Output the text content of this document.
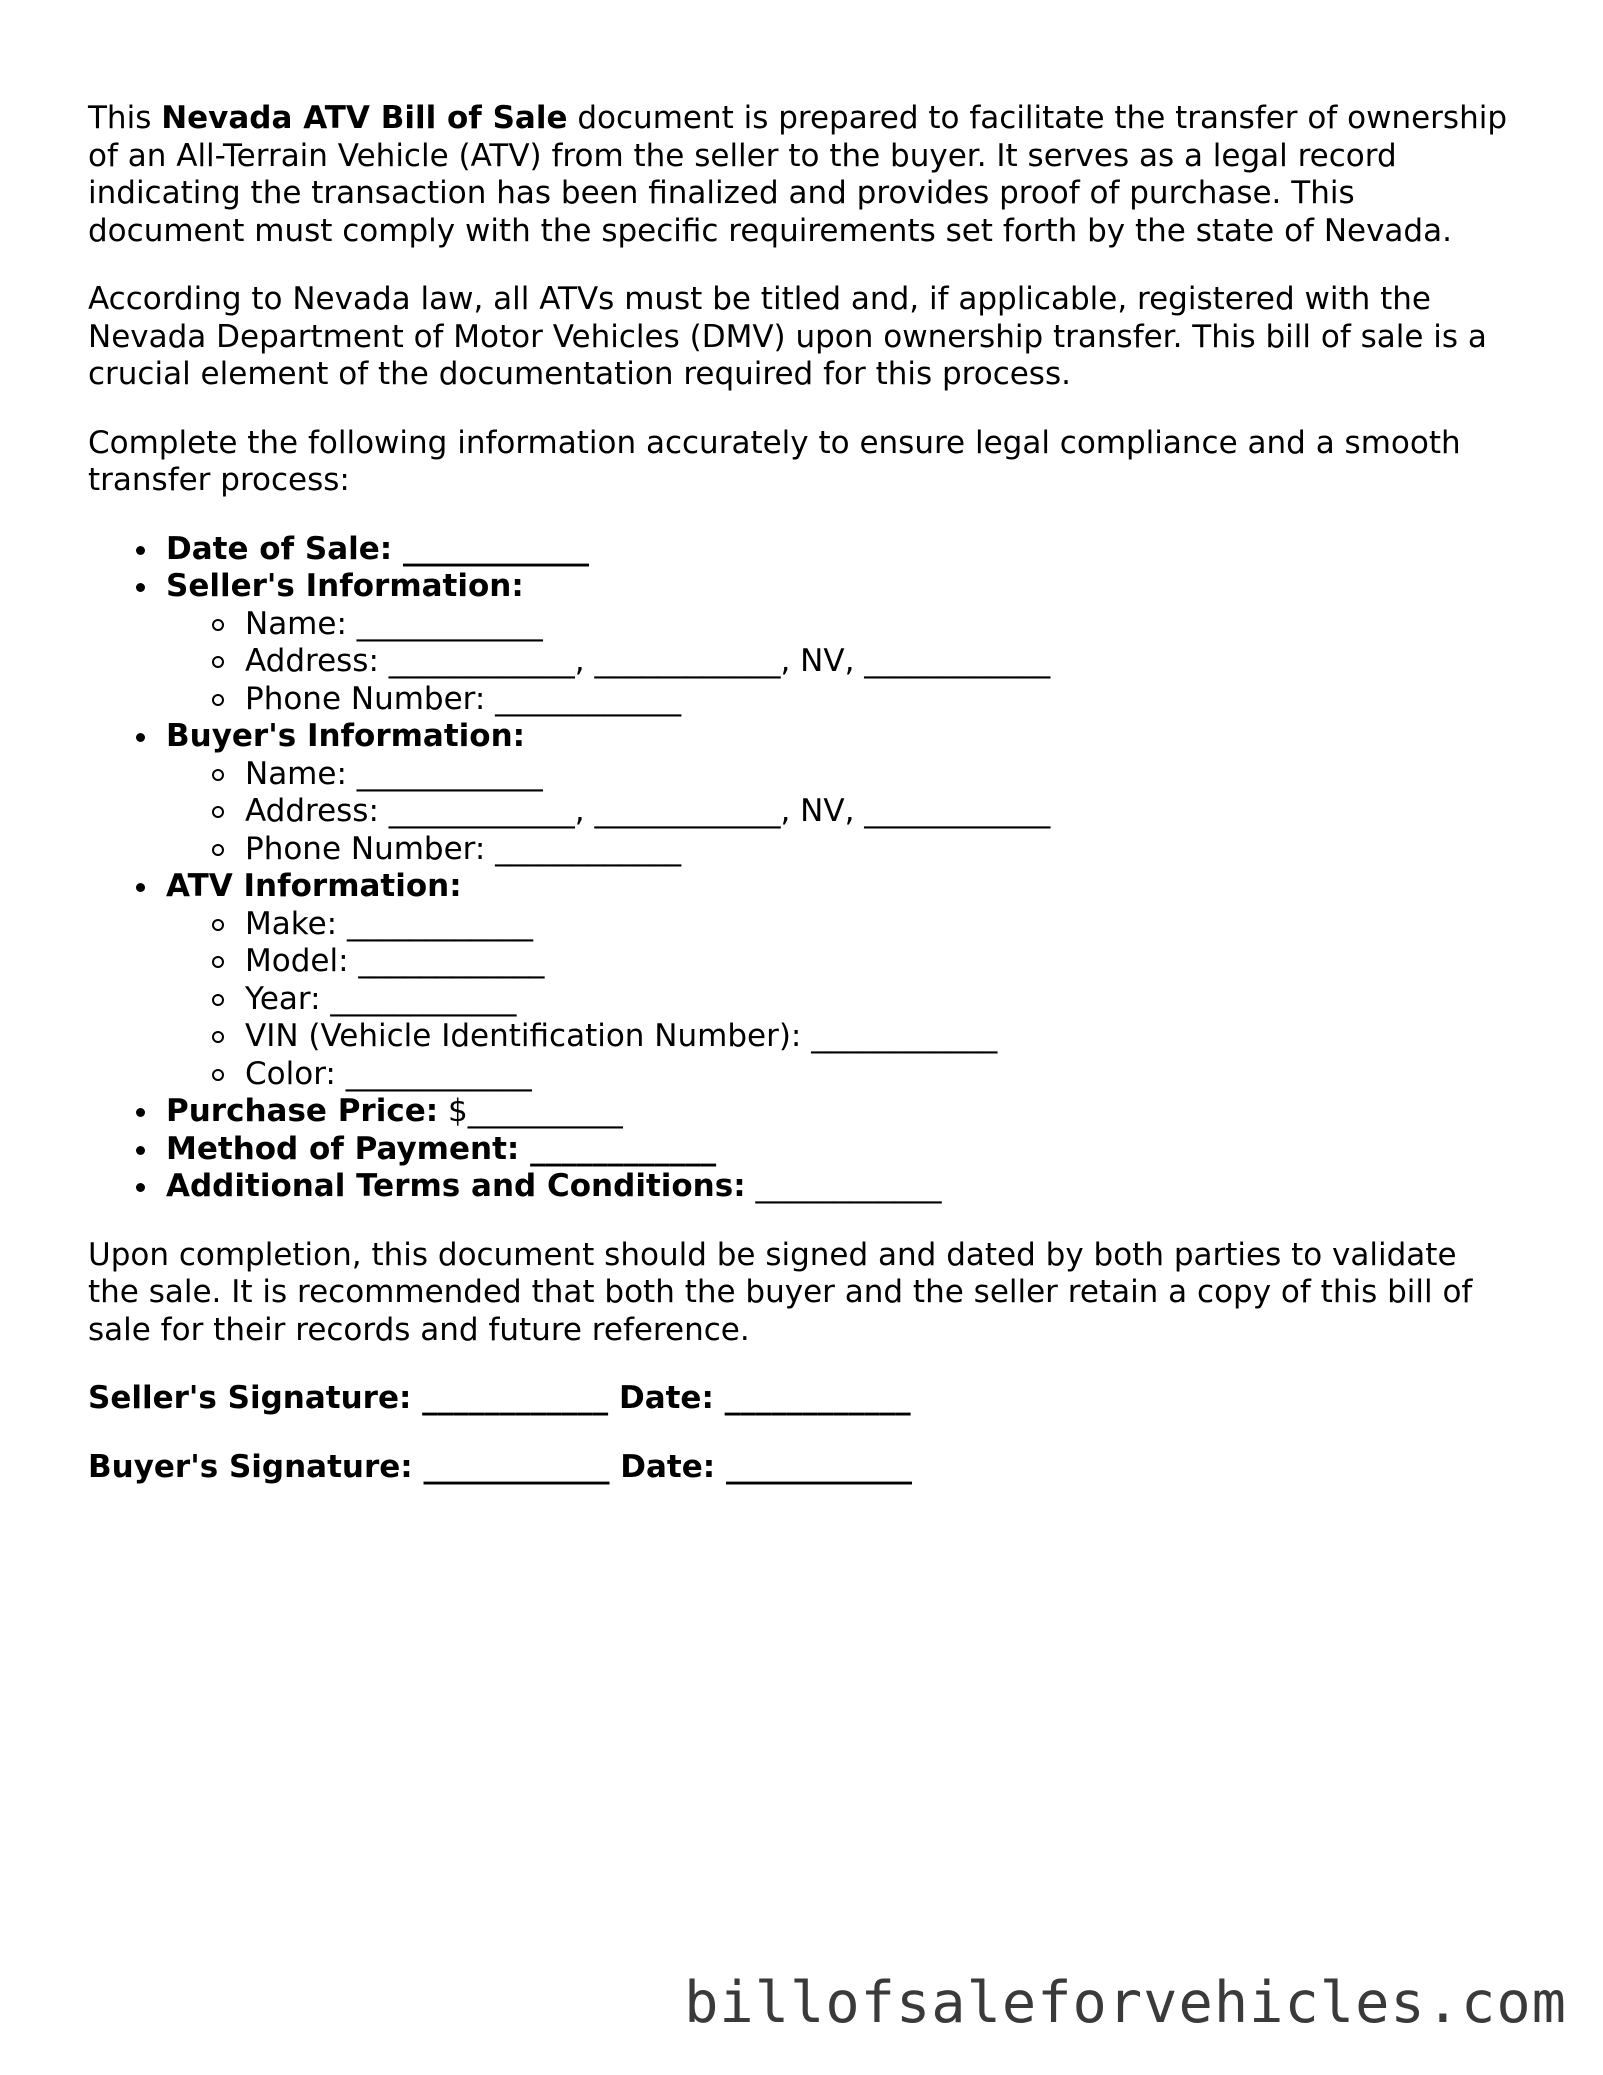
This Nevada ATV Bill of Sale document is prepared to facilitate the transfer of ownership of an All-Terrain Vehicle (ATV) from the seller to the buyer. It serves as a legal record indicating the transaction has been finalized and provides proof of purchase. This document must comply with the specific requirements set forth by the state of Nevada.

According to Nevada law, all ATVs must be titled and, if applicable, registered with the Nevada Department of Motor Vehicles (DMV) upon ownership transfer. This bill of sale is a crucial element of the documentation required for this process.

Complete the following information accurately to ensure legal compliance and a smooth transfer process:

Date of Sale: ____________
Seller's Information:
Name: ____________
Address: ____________, ____________, NV, ____________
Phone Number: ____________
Buyer's Information:
Name: ____________
Address: ____________, ____________, NV, ____________
Phone Number: ____________
ATV Information:
Make: ____________
Model: ____________
Year: ____________
VIN (Vehicle Identification Number): ____________
Color: ____________
Purchase Price: $__________
Method of Payment: ____________
Additional Terms and Conditions: ____________

Upon completion, this document should be signed and dated by both parties to validate the sale. It is recommended that both the buyer and the seller retain a copy of this bill of sale for their records and future reference.

Seller's Signature: ____________ Date: ____________
Buyer's Signature: ____________ Date: ____________
billofsaleforvehicles.com
